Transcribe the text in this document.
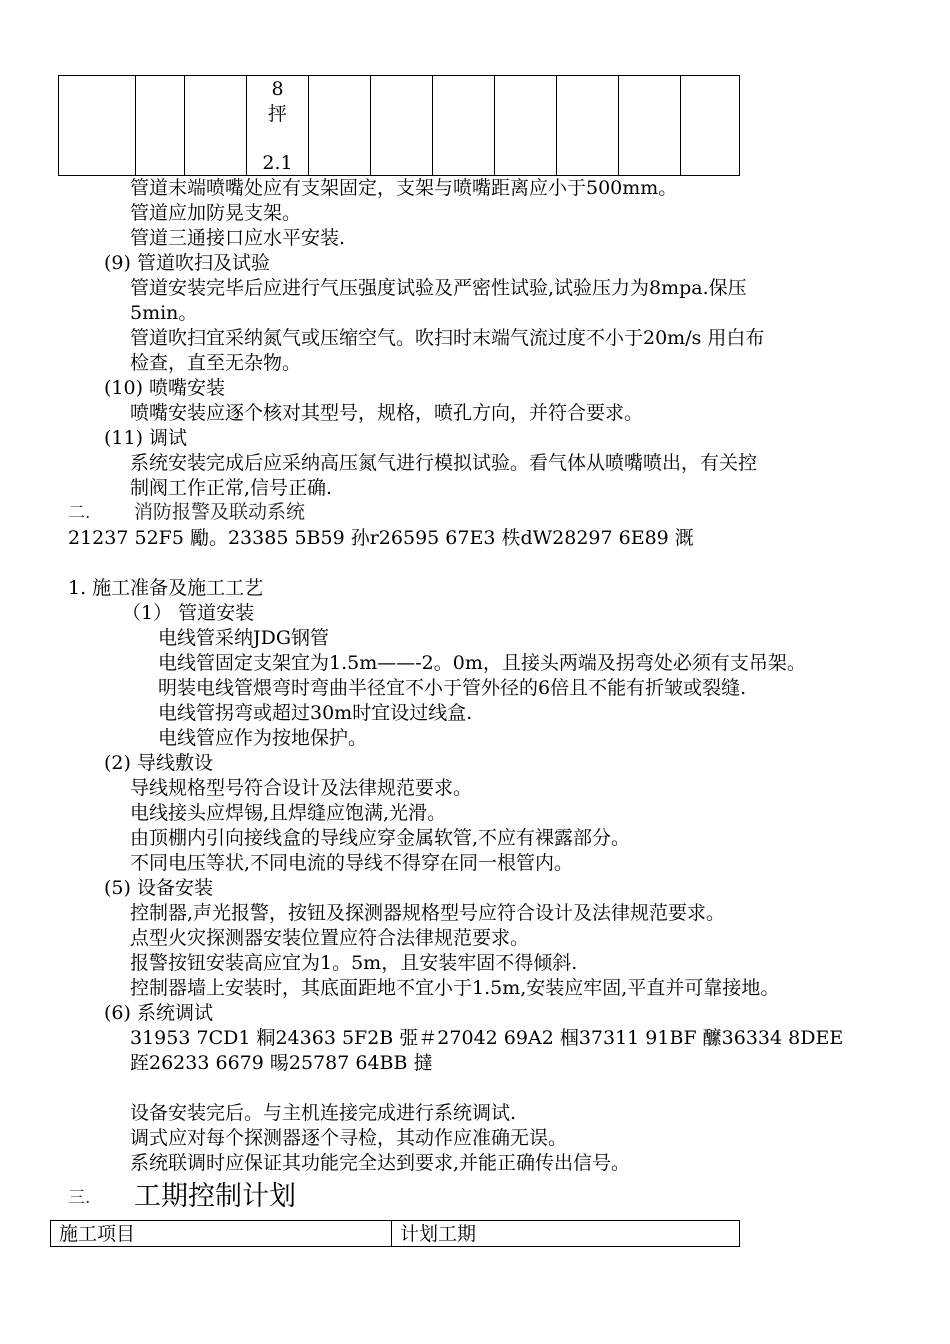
8
抨
2.1

管道末端喷嘴处应有支架固定，支架与喷嘴距离应小于500mm。
管道应加防晃支架。
管道三通接口应水平安装.
(9) 管道吹扫及试验
管道安装完毕后应进行气压强度试验及严密性试验,试验压力为8mpa.保压
5min。
管道吹扫宜采纳氮气或压缩空气。吹扫时末端气流过度不小于20m/s 用白布
检查，直至无杂物。
(10) 喷嘴安装
喷嘴安装应逐个核对其型号，规格，喷孔方向，并符合要求。
(11) 调试
系统安装完成后应采纳高压氮气进行模拟试验。看气体从喷嘴喷出，有关控
制阀工作正常,信号正确.
二. 消防报警及联动系统
21237 52F5 勵。23385 5B59 孙r26595 67E3 柣dW28297 6E89 溉
1. 施工准备及施工工艺
（1） 管道安装
电线管采纳JDG钢管
电线管固定支架宜为1.5m——-2。0m，且接头两端及拐弯处必须有支吊架。
明装电线管煨弯时弯曲半径宜不小于管外径的6倍且不能有折皱或裂缝.
电线管拐弯或超过30m时宜设过线盒.
电线管应作为按地保护。
(2) 导线敷设
导线规格型号符合设计及法律规范要求。
电线接头应焊锡,且焊缝应饱满,光滑。
由顶棚内引向接线盒的导线应穿金属软管,不应有裸露部分。
不同电压等状,不同电流的导线不得穿在同一根管内。
(5) 设备安装
控制器,声光报警，按钮及探测器规格型号应符合设计及法律规范要求。
点型火灾探测器安装位置应符合法律规范要求。
报警按钮安装高应宜为1。5m，且安装牢固不得倾斜.
控制器墙上安装时，其底面距地不宜小于1.5m,安装应牢固,平直并可靠接地。
(6) 系统调试
31953 7CD1 粡24363 5F2B 弫＃27042 69A2 椢37311 91BF 醿36334 8DEE
跮26233 6679 晹25787 64BB 撻
设备安装完后。与主机连接完成进行系统调试.
调式应对每个探测器逐个寻检，其动作应准确无误。
系统联调时应保证其功能完全达到要求,并能正确传出信号。
三. 工期控制计划
施工项目	计划工期
